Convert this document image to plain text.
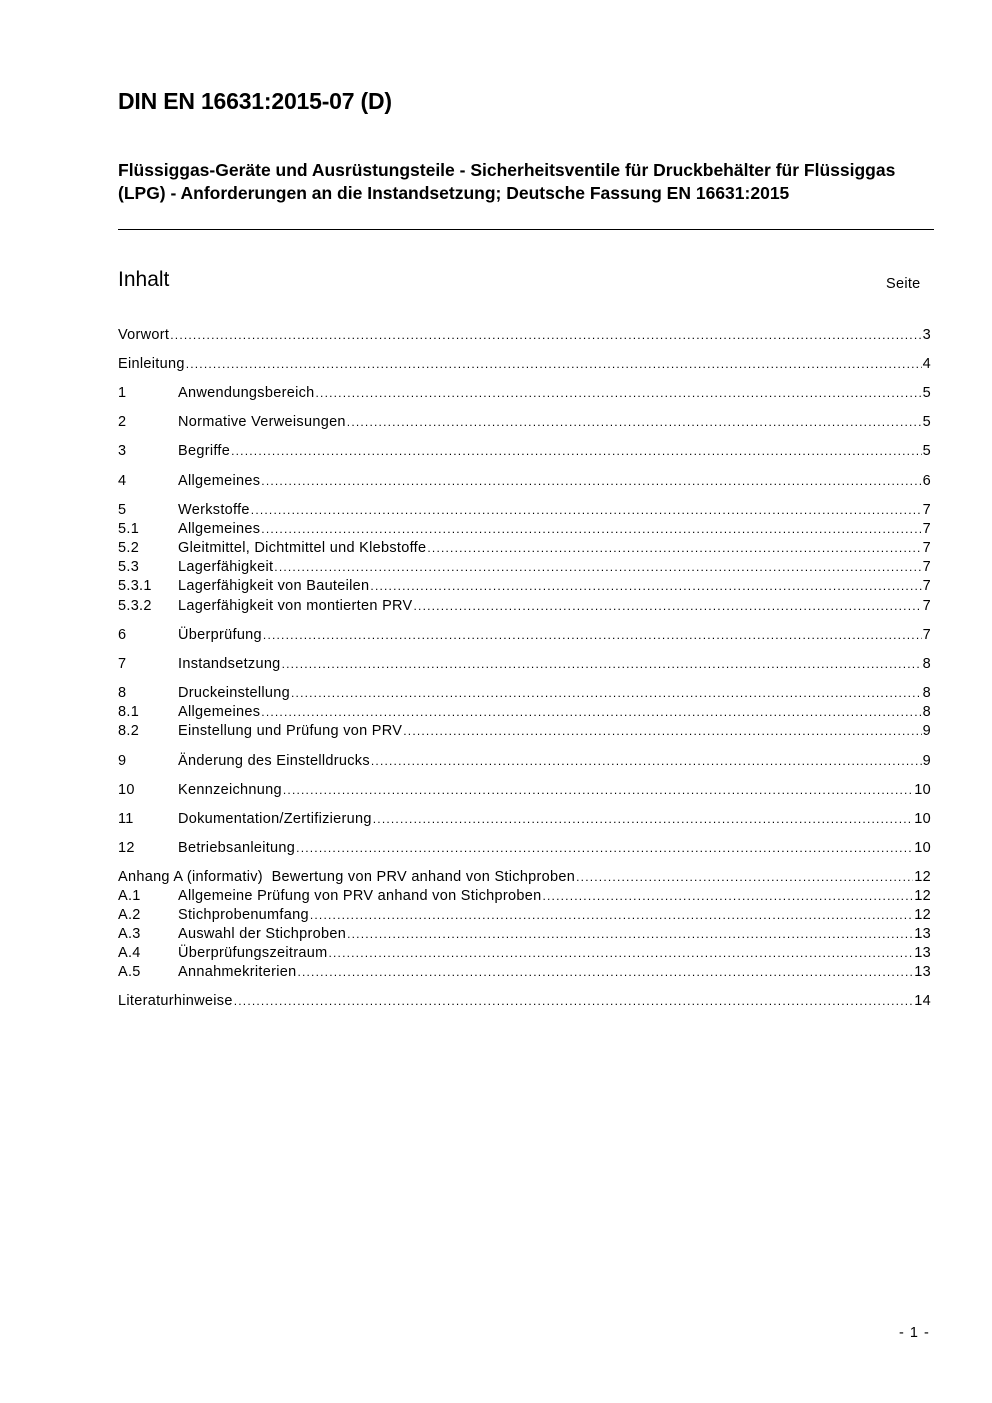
DIN EN 16631:2015-07 (D)
Flüssiggas-Geräte und Ausrüstungsteile - Sicherheitsventile für Druckbehälter für Flüssiggas (LPG) - Anforderungen an die Instandsetzung; Deutsche Fassung EN 16631:2015
Inhalt	Seite
Vorwort .....	3
Einleitung .....	4
1	Anwendungsbereich .....	5
2	Normative Verweisungen .....	5
3	Begriffe .....	5
4	Allgemeines .....	6
5	Werkstoffe .....	7
5.1	Allgemeines .....	7
5.2	Gleitmittel, Dichtmittel und Klebstoffe .....	7
5.3	Lagerfähigkeit .....	7
5.3.1	Lagerfähigkeit von Bauteilen .....	7
5.3.2	Lagerfähigkeit von montierten PRV .....	7
6	Überprüfung .....	7
7	Instandsetzung .....	8
8	Druckeinstellung .....	8
8.1	Allgemeines .....	8
8.2	Einstellung und Prüfung von PRV .....	9
9	Änderung des Einstelldrucks .....	9
10	Kennzeichnung .....	10
11	Dokumentation/Zertifizierung .....	10
12	Betriebsanleitung .....	10
Anhang A (informativ)  Bewertung von PRV anhand von Stichproben .....	12
A.1	Allgemeine Prüfung von PRV anhand von Stichproben .....	12
A.2	Stichprobenumfang .....	12
A.3	Auswahl der Stichproben .....	13
A.4	Überprüfungszeitraum .....	13
A.5	Annahmekriterien .....	13
Literaturhinweise .....	14
- 1 -
